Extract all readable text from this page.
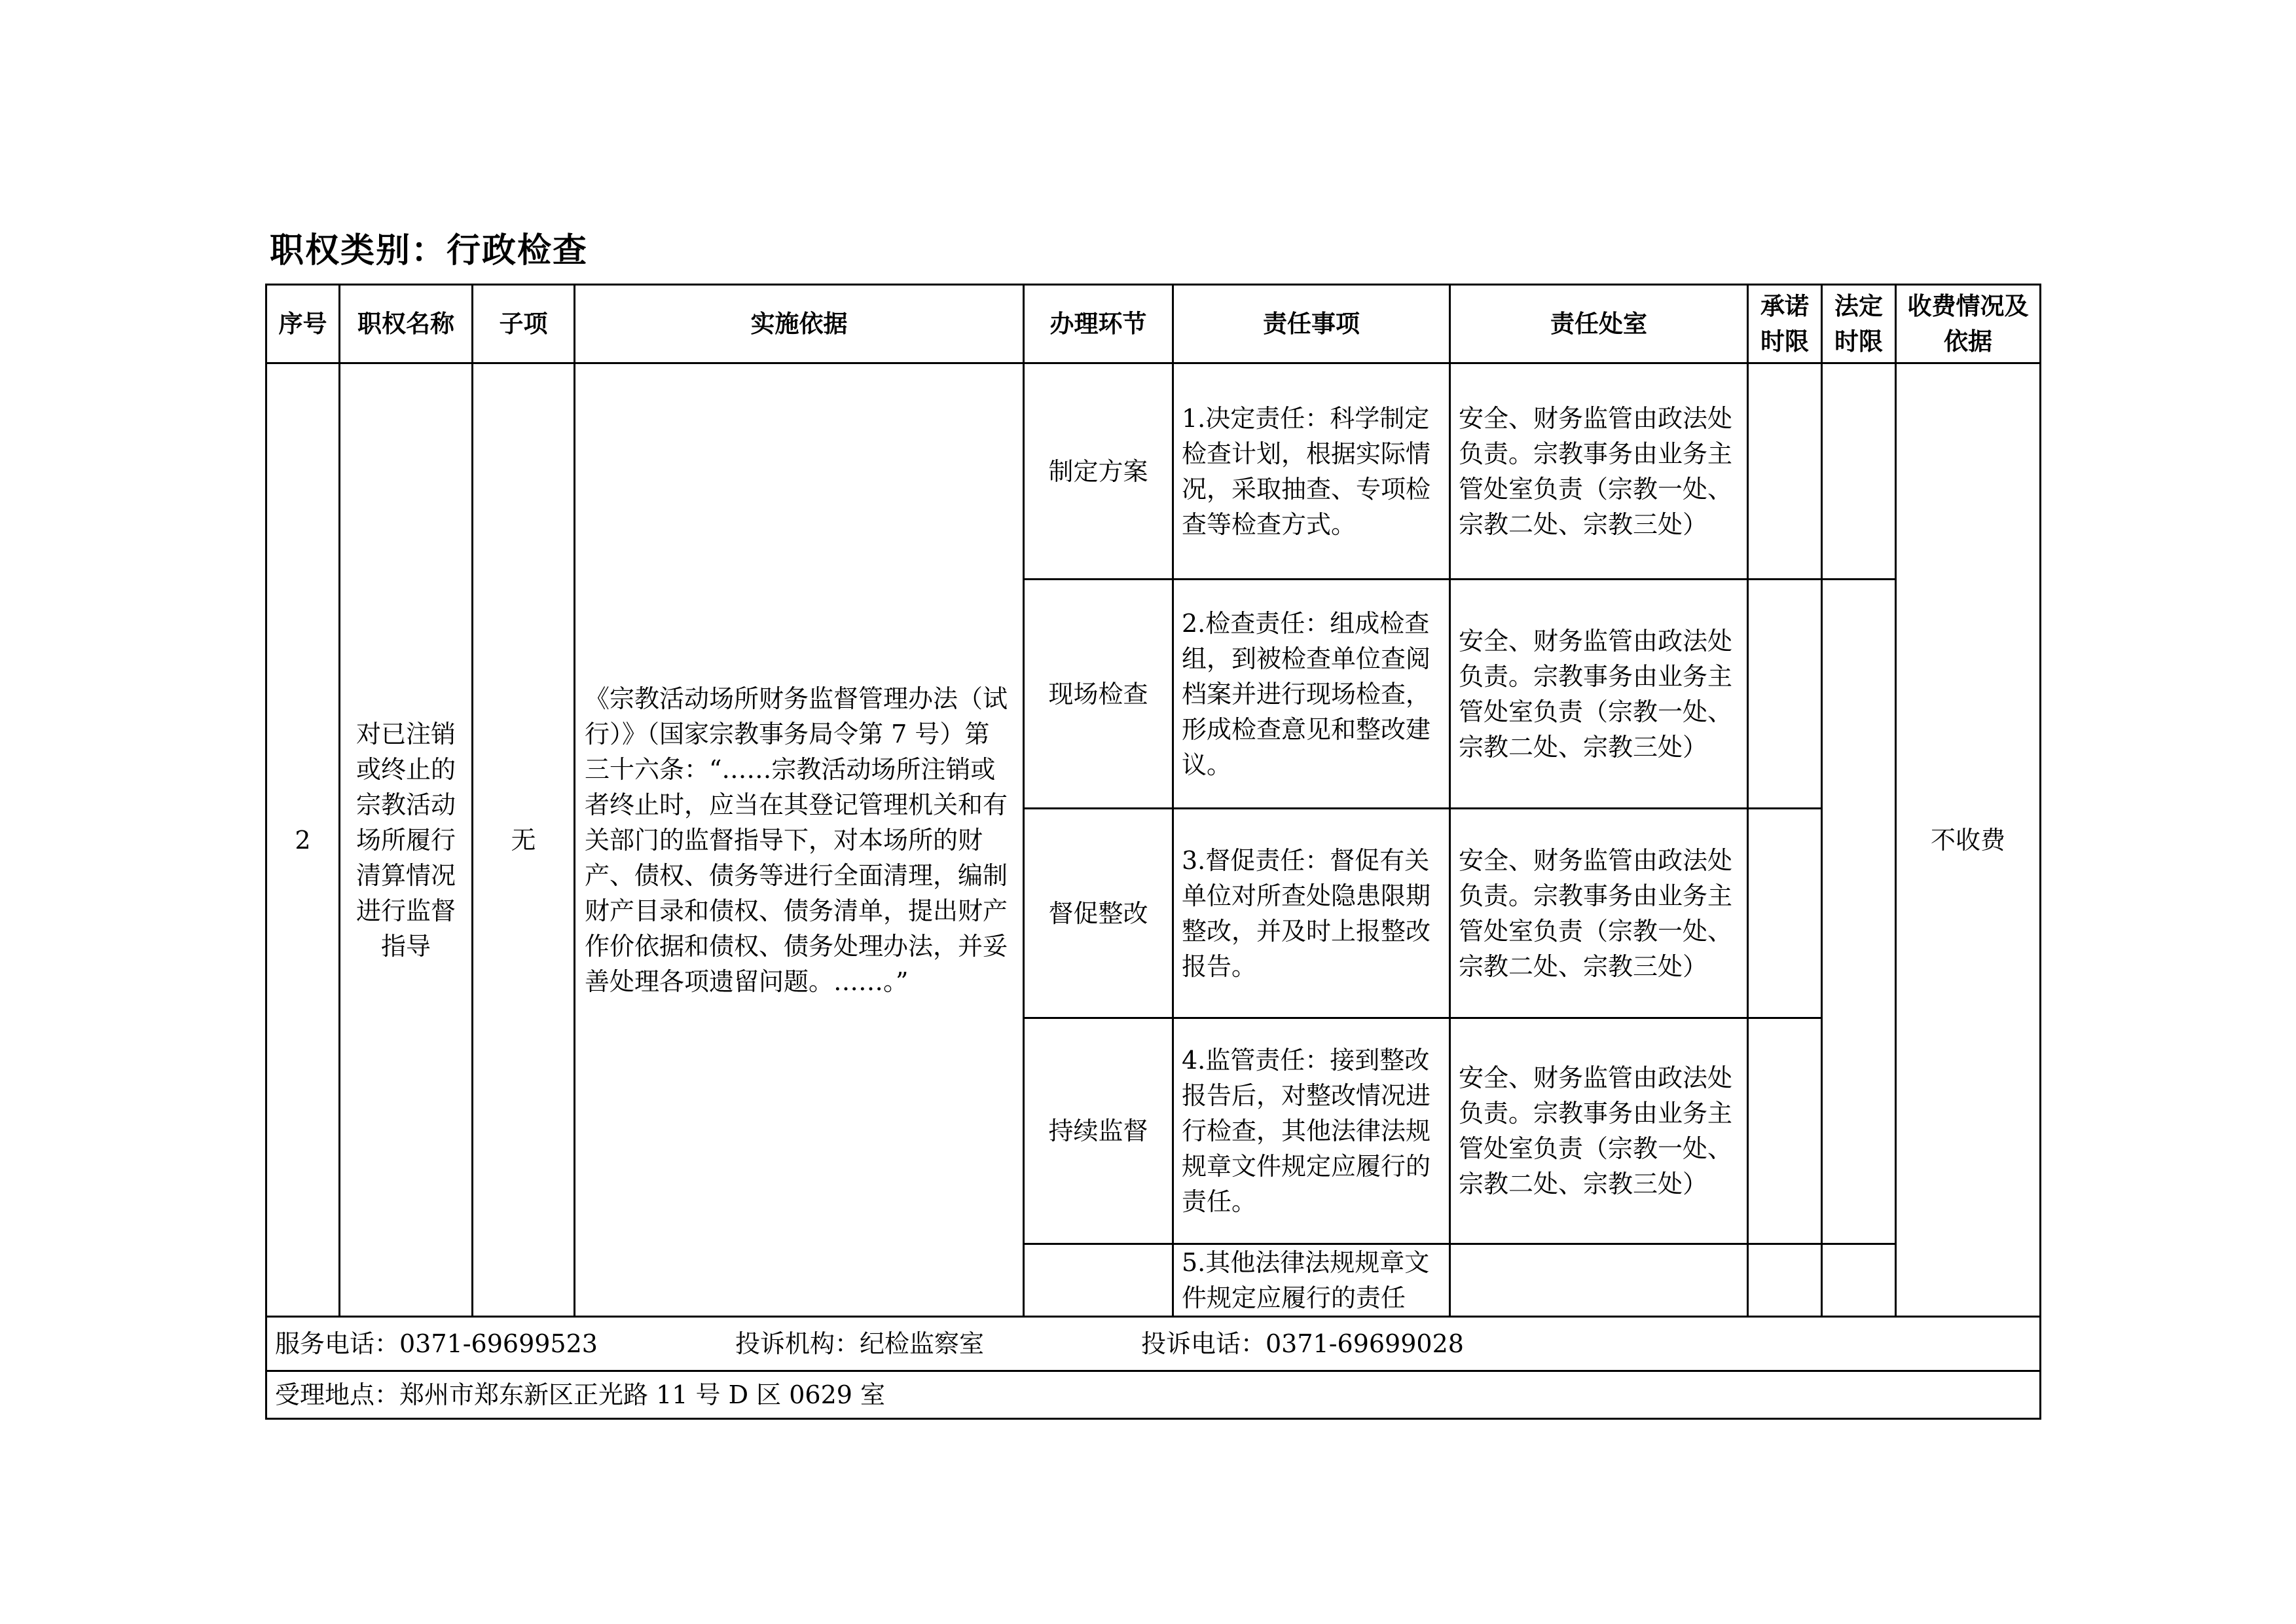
职权类别：行政检查
序号	职权名称	子项	实施依据	办理环节	责任事项	责任处室	承诺时限	法定时限	收费情况及依据
2	对已注销或终止的宗教活动场所履行清算情况进行监督指导	无	《宗教活动场所财务监督管理办法（试行）》（国家宗教事务局令第 7 号）第三十六条：“……宗教活动场所注销或者终止时，应当在其登记管理机关和有关部门的监督指导下，对本场所的财产、债权、债务等进行全面清理，编制财产目录和债权、债务清单，提出财产作价依据和债权、债务处理办法，并妥善处理各项遗留问题。……。”	制定方案	1.决定责任：科学制定检查计划，根据实际情况，采取抽查、专项检查等检查方式。	安全、财务监管由政法处负责。宗教事务由业务主管处室负责（宗教一处、宗教二处、宗教三处）			不收费
				现场检查	2.检查责任：组成检查组，到被检查单位查阅档案并进行现场检查，形成检查意见和整改建议。	安全、财务监管由政法处负责。宗教事务由业务主管处室负责（宗教一处、宗教二处、宗教三处）			
				督促整改	3.督促责任：督促有关单位对所查处隐患限期整改，并及时上报整改报告。	安全、财务监管由政法处负责。宗教事务由业务主管处室负责（宗教一处、宗教二处、宗教三处）			
				持续监督	4.监管责任：接到整改报告后，对整改情况进行检查，其他法律法规规章文件规定应履行的责任。	安全、财务监管由政法处负责。宗教事务由业务主管处室负责（宗教一处、宗教二处、宗教三处）			
					5.其他法律法规规章文件规定应履行的责任				
服务电话：0371-69699523 投诉机构：纪检监察室 投诉电话：0371-69699028									
受理地点：郑州市郑东新区正光路 11 号 D 区 0629 室									
